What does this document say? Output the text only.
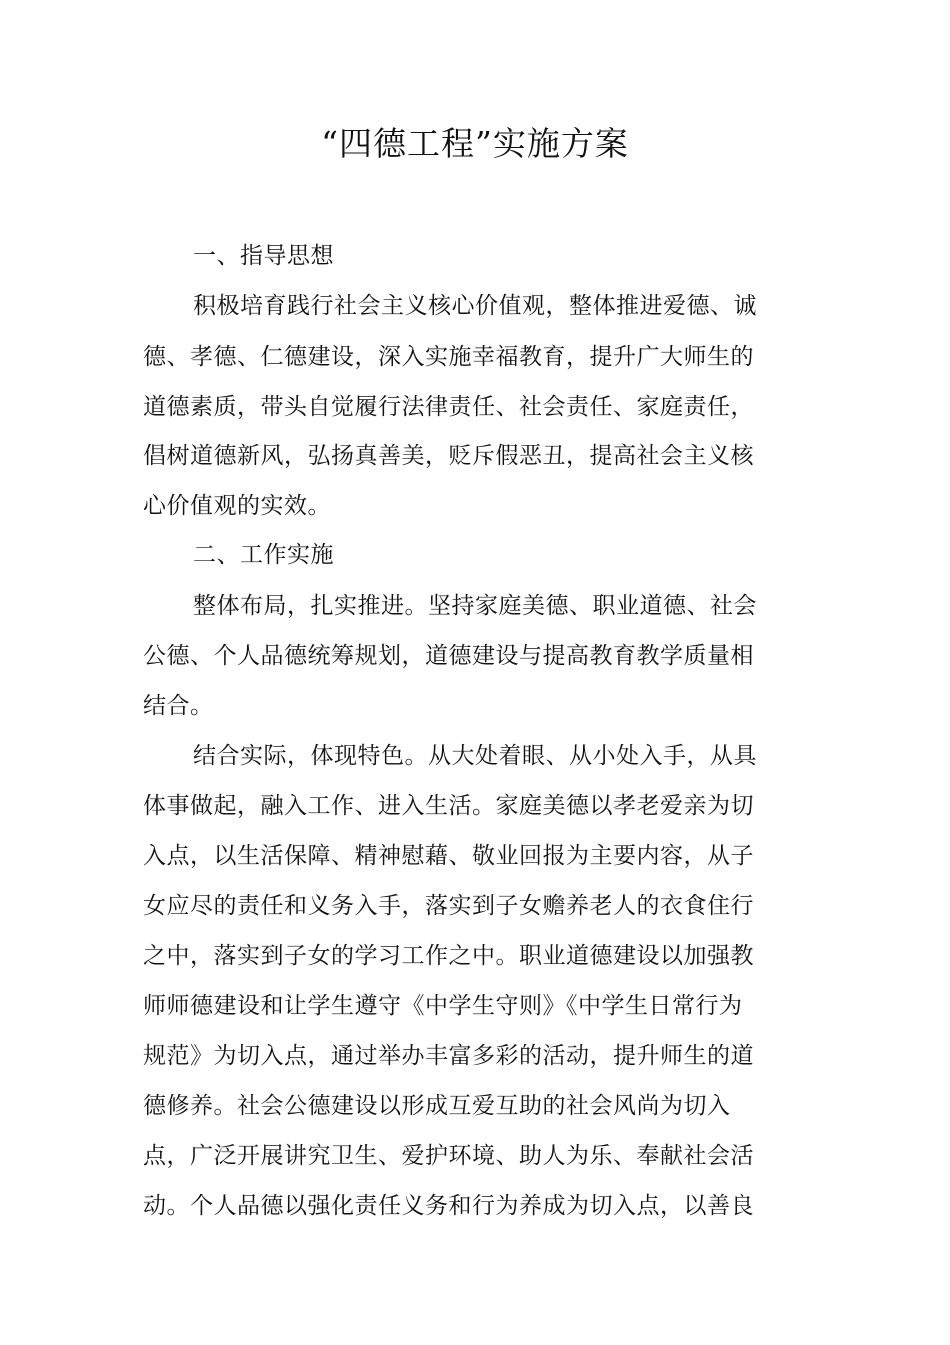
“四德工程”实施方案
一、指导思想
积极培育践行社会主义核心价值观，整体推进爱德、诚
德、孝德、仁德建设，深入实施幸福教育，提升广大师生的
道德素质，带头自觉履行法律责任、社会责任、家庭责任，
倡树道德新风，弘扬真善美，贬斥假恶丑，提高社会主义核
心价值观的实效。
二、工作实施
整体布局，扎实推进。坚持家庭美德、职业道德、社会
公德、个人品德统筹规划，道德建设与提高教育教学质量相
结合。
结合实际，体现特色。从大处着眼、从小处入手，从具
体事做起，融入工作、进入生活。家庭美德以孝老爱亲为切
入点，以生活保障、精神慰藉、敬业回报为主要内容，从子
女应尽的责任和义务入手，落实到子女赡养老人的衣食住行
之中，落实到子女的学习工作之中。职业道德建设以加强教
师师德建设和让学生遵守《中学生守则》《中学生日常行为
规范》为切入点，通过举办丰富多彩的活动，提升师生的道
德修养。社会公德建设以形成互爱互助的社会风尚为切入
点，广泛开展讲究卫生、爱护环境、助人为乐、奉献社会活
动。个人品德以强化责任义务和行为养成为切入点，以善良
